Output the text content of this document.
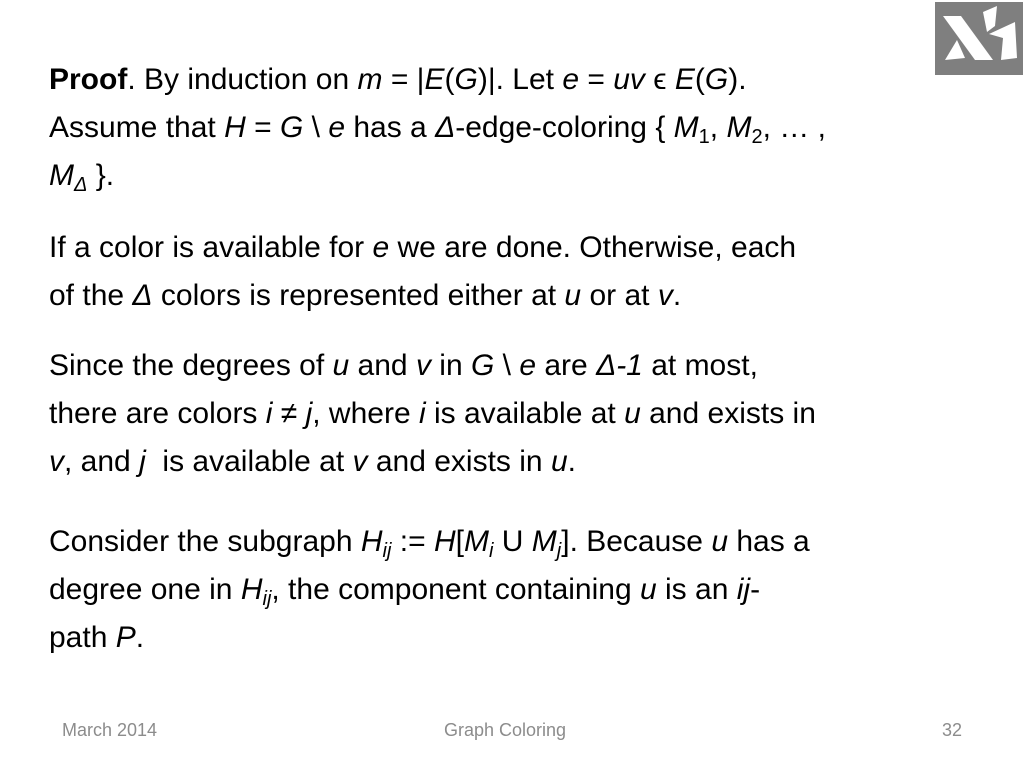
Proof. By induction on m = |E(G)|. Let e = uv ϵ E(G).

Assume that H = G \ e has a Δ-edge-coloring { $M_1$, $M_2$, … ,

$M_\Delta$ }.

If a color is available for e we are done. Otherwise, each

of the Δ colors is represented either at u or at v.

Since the degrees of u and v in G \ e are Δ-1 at most,

there are colors i ≠ j, where i is available at u and exists in

v, and j  is available at v and exists in u.

Consider the subgraph $H_{ij}$ := $H[M_i$ U $M_j$]. Because u has a

degree one in $H_{ij}$, the component containing u is an ij-

path P.

March 2014	Graph Coloring	32
